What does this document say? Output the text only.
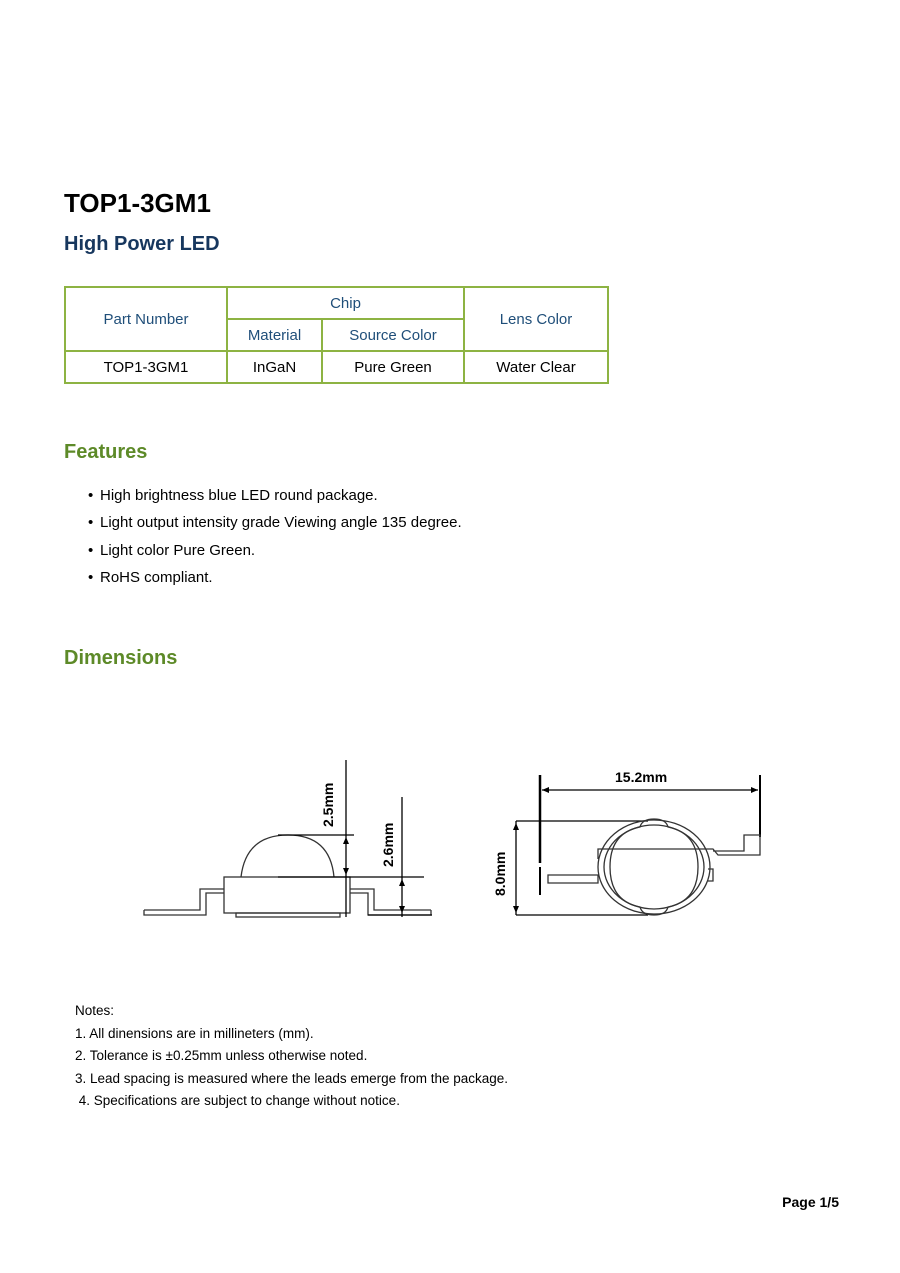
TOP1-3GM1
High Power LED
Part Number	Chip		Lens Color
	Material	Source Color	
TOP1-3GM1	InGaN	Pure Green	Water Clear
Features
• High brightness blue LED round package.
• Light output intensity grade Viewing angle 135 degree.
• Light color Pure Green.
• RoHS compliant.
Dimensions
2.5mm
2.6mm
15.2mm
8.0mm
Notes:
1. All dinensions are in millineters (mm).
2. Tolerance is ±0.25mm unless otherwise noted.
3. Lead spacing is measured where the leads emerge from the package.
4. Specifications are subject to change without notice.
Page 1/5
